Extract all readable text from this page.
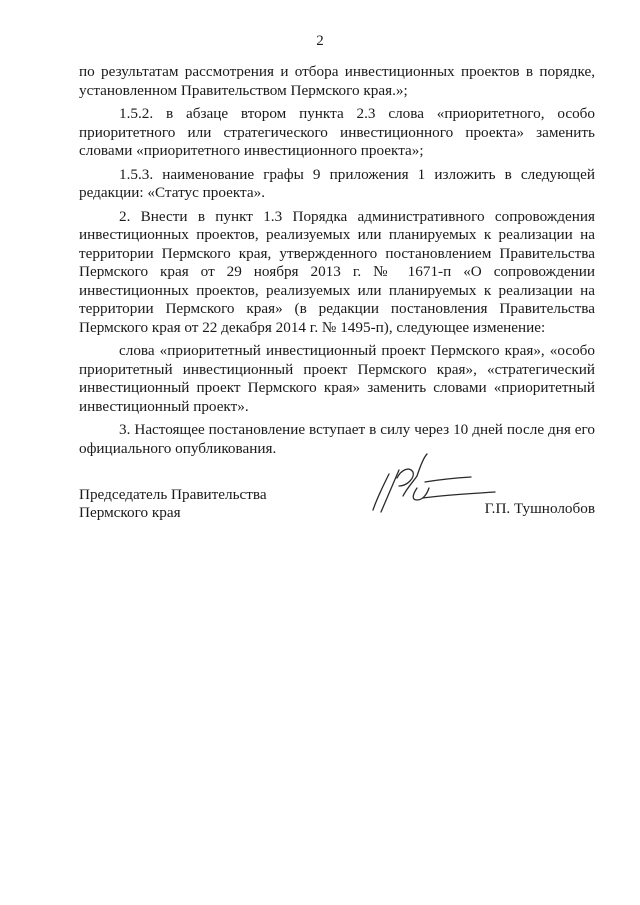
2

по результатам рассмотрения и отбора инвестиционных проектов в порядке, установленном Правительством Пермского края.»;

1.5.2. в абзаце втором пункта 2.3 слова «приоритетного, особо приоритетного или стратегического инвестиционного проекта» заменить словами «приоритетного инвестиционного проекта»;

1.5.3. наименование графы 9 приложения 1 изложить в следующей редакции: «Статус проекта».

2. Внести в пункт 1.3 Порядка административного сопровождения инвестиционных проектов, реализуемых или планируемых к реализации на территории Пермского края, утвержденного постановлением Правительства Пермского края от 29 ноября 2013 г. № 1671-п «О сопровождении инвестиционных проектов, реализуемых или планируемых к реализации на территории Пермского края» (в редакции постановления Правительства Пермского края от 22 декабря 2014 г. № 1495-п), следующее изменение:

слова «приоритетный инвестиционный проект Пермского края», «особо приоритетный инвестиционный проект Пермского края», «стратегический инвестиционный проект Пермского края» заменить словами «приоритетный инвестиционный проект».

3. Настоящее постановление вступает в силу через 10 дней после дня его официального опубликования.

Председатель Правительства
Пермского края	Г.П. Тушнолобов
